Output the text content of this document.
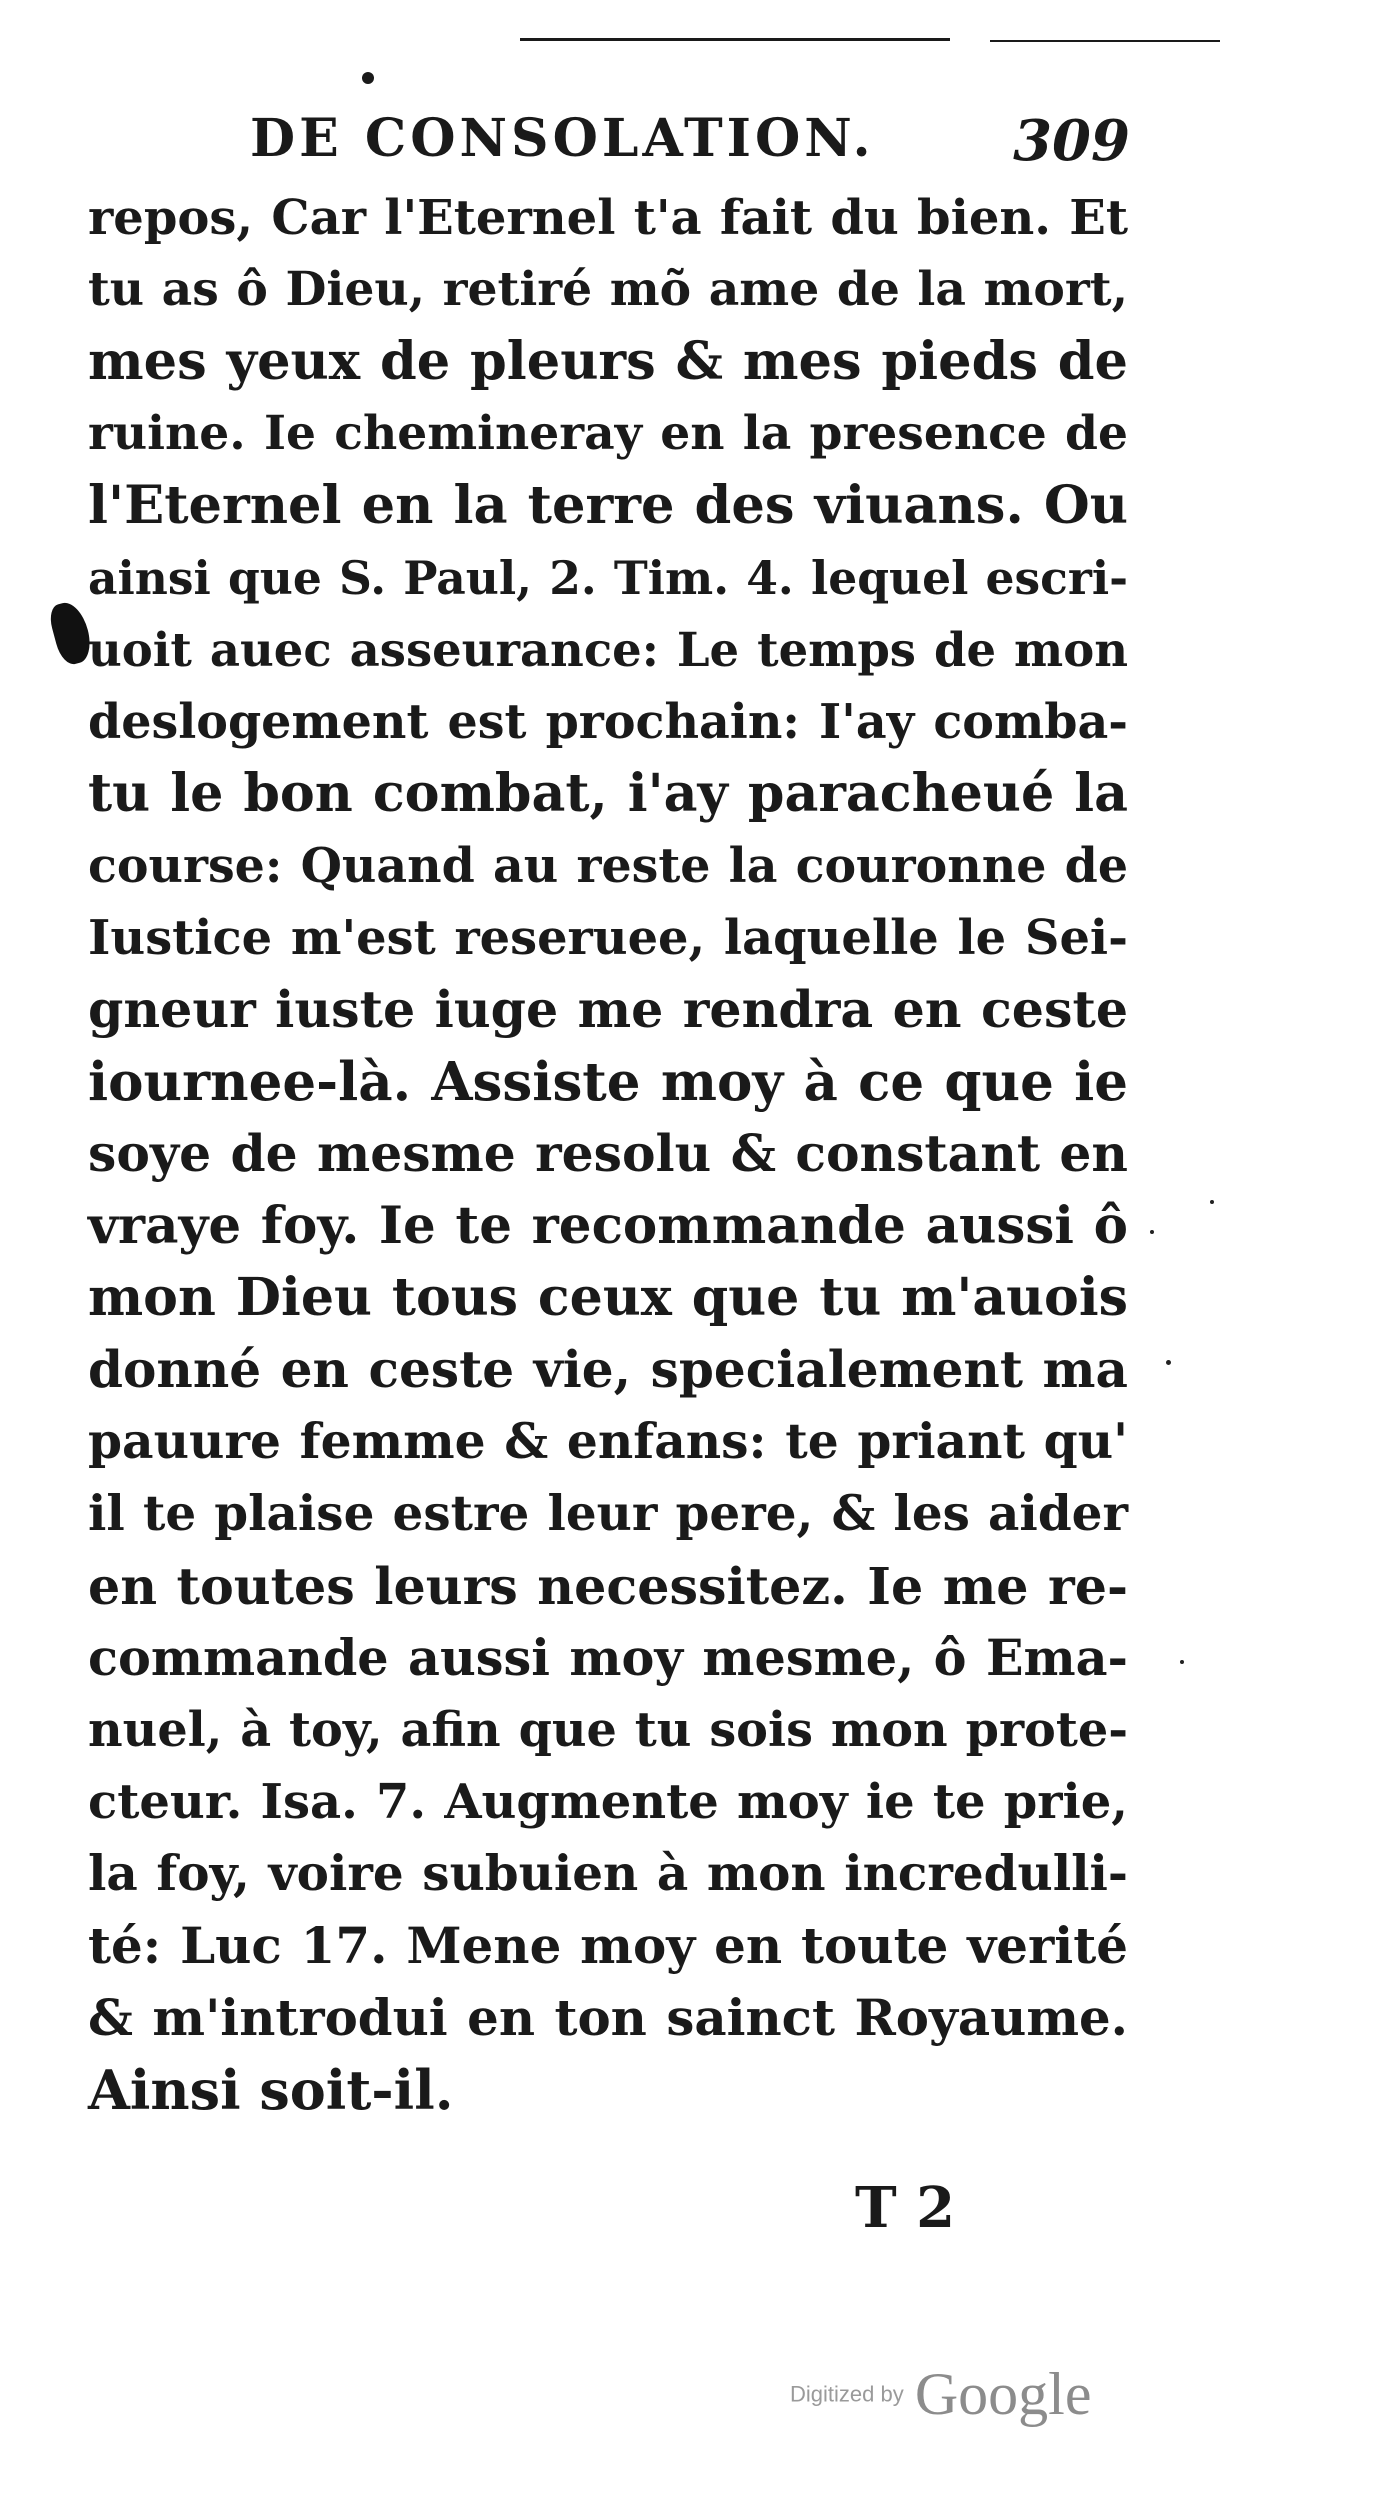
DE CONSOLATION. 309
repos, Car l'Eternel t'a fait du bien. Et
tu as ô Dieu, retiré mõ ame de la mort,
mes yeux de pleurs & mes pieds de
ruine. Ie chemineray en la presence de
l'Eternel en la terre des viuans. Ou
ainsi que S. Paul, 2. Tim. 4. lequel escri-
uoit auec asseurance: Le temps de mon
deslogement est prochain: I'ay comba-
tu le bon combat, i'ay paracheué la
course: Quand au reste la couronne de
Iustice m'est reseruee, laquelle le Sei-
gneur iuste iuge me rendra en ceste
iournee-là. Assiste moy à ce que ie
soye de mesme resolu & constant en
vraye foy. Ie te recommande aussi ô
mon Dieu tous ceux que tu m'auois
donné en ceste vie, specialement ma
pauure femme & enfans: te priant qu'
il te plaise estre leur pere, & les aider
en toutes leurs necessitez. Ie me re-
commande aussi moy mesme, ô Ema-
nuel, à toy, afin que tu sois mon prote-
cteur. Isa. 7. Augmente moy ie te prie,
la foy, voire subuien à mon incredulli-
té: Luc 17. Mene moy en toute verité
& m'introdui en ton sainct Royaume.
Ainsi soit-il.
T 2
Digitized by Google
